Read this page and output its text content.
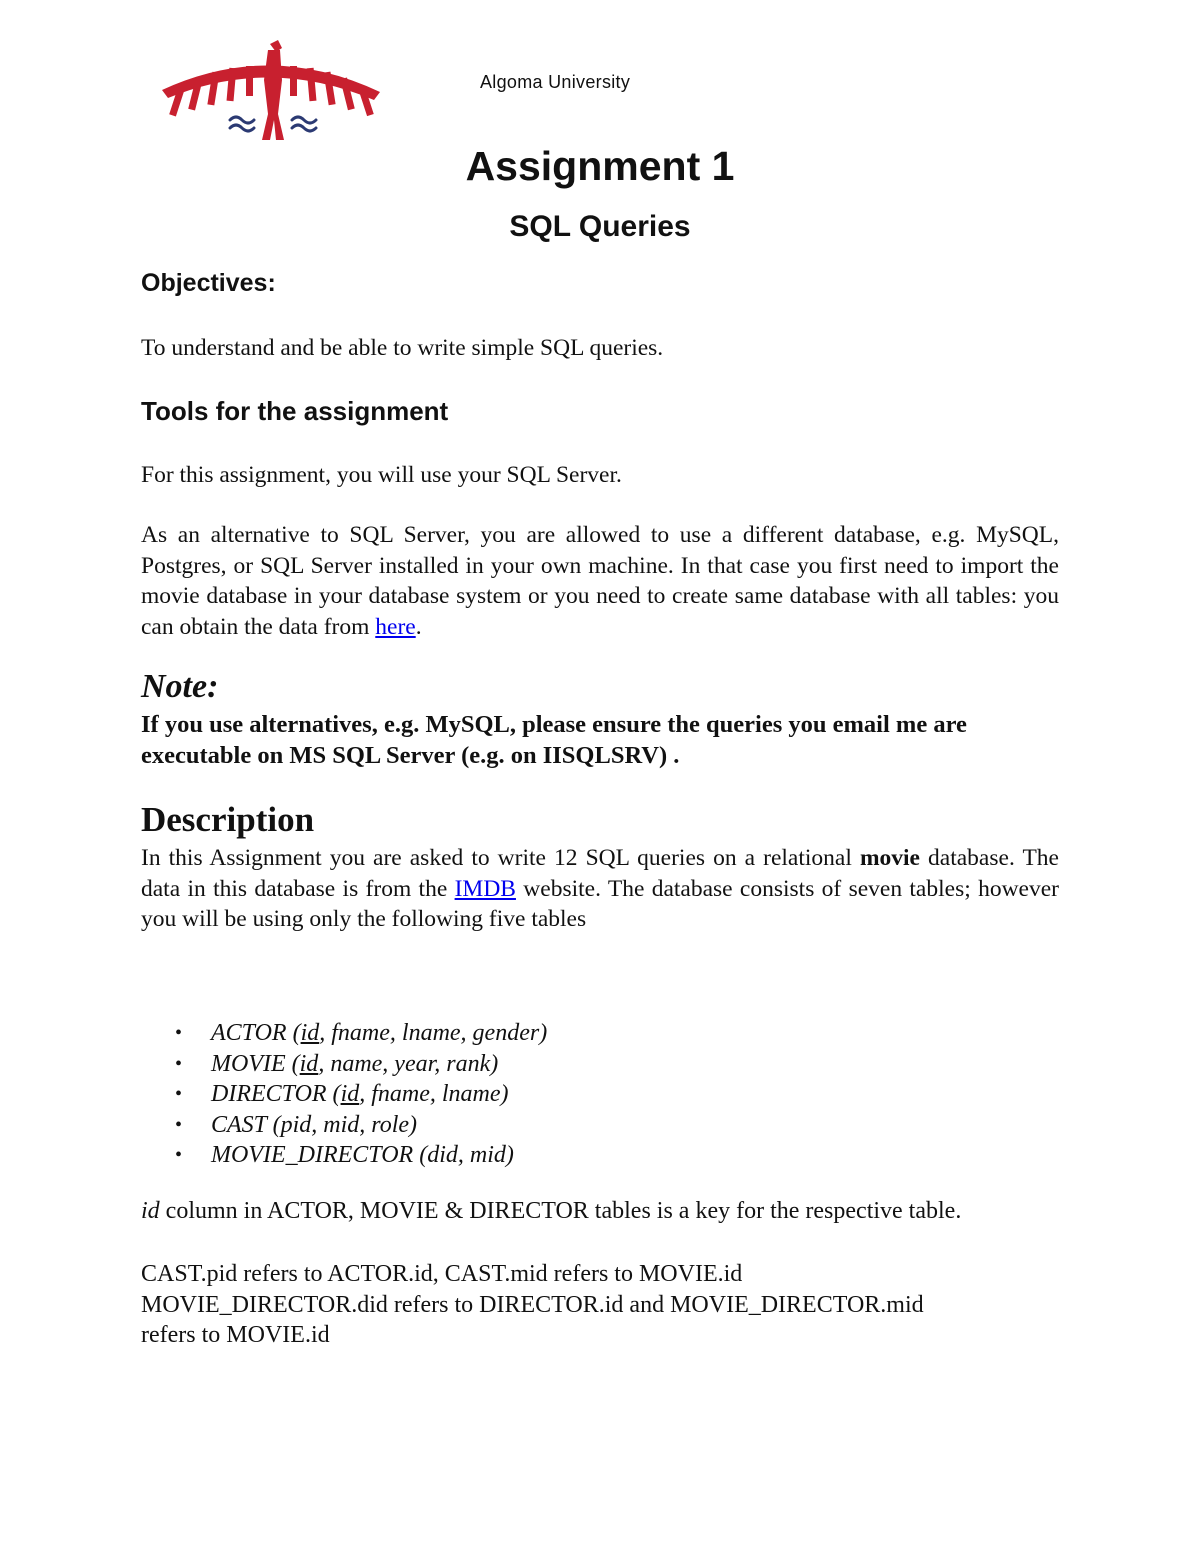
Algoma University
Assignment 1
SQL Queries
Objectives:
To understand and be able to write simple SQL queries.
Tools for the assignment
For this assignment, you will use your SQL Server.
As an alternative to SQL Server, you are allowed to use a different database, e.g. MySQL, Postgres, or SQL Server installed in your own machine. In that case you first need to import the movie database in your database system or you need to create same database with all tables: you can obtain the data from here.
Note:
If you use alternatives, e.g. MySQL, please ensure the queries you email me are executable on MS SQL Server (e.g. on IISQLSRV) .
Description
In this Assignment you are asked to write 12 SQL queries on a relational movie database. The data in this database is from the IMDB website. The database consists of seven tables; however you will be using only the following five tables
• ACTOR (id, fname, lname, gender)
• MOVIE (id, name, year, rank)
• DIRECTOR (id, fname, lname)
• CAST (pid, mid, role)
• MOVIE_DIRECTOR (did, mid)
id column in ACTOR, MOVIE & DIRECTOR tables is a key for the respective table.
CAST.pid refers to ACTOR.id, CAST.mid refers to MOVIE.id
MOVIE_DIRECTOR.did refers to DIRECTOR.id and MOVIE_DIRECTOR.mid
refers to MOVIE.id
